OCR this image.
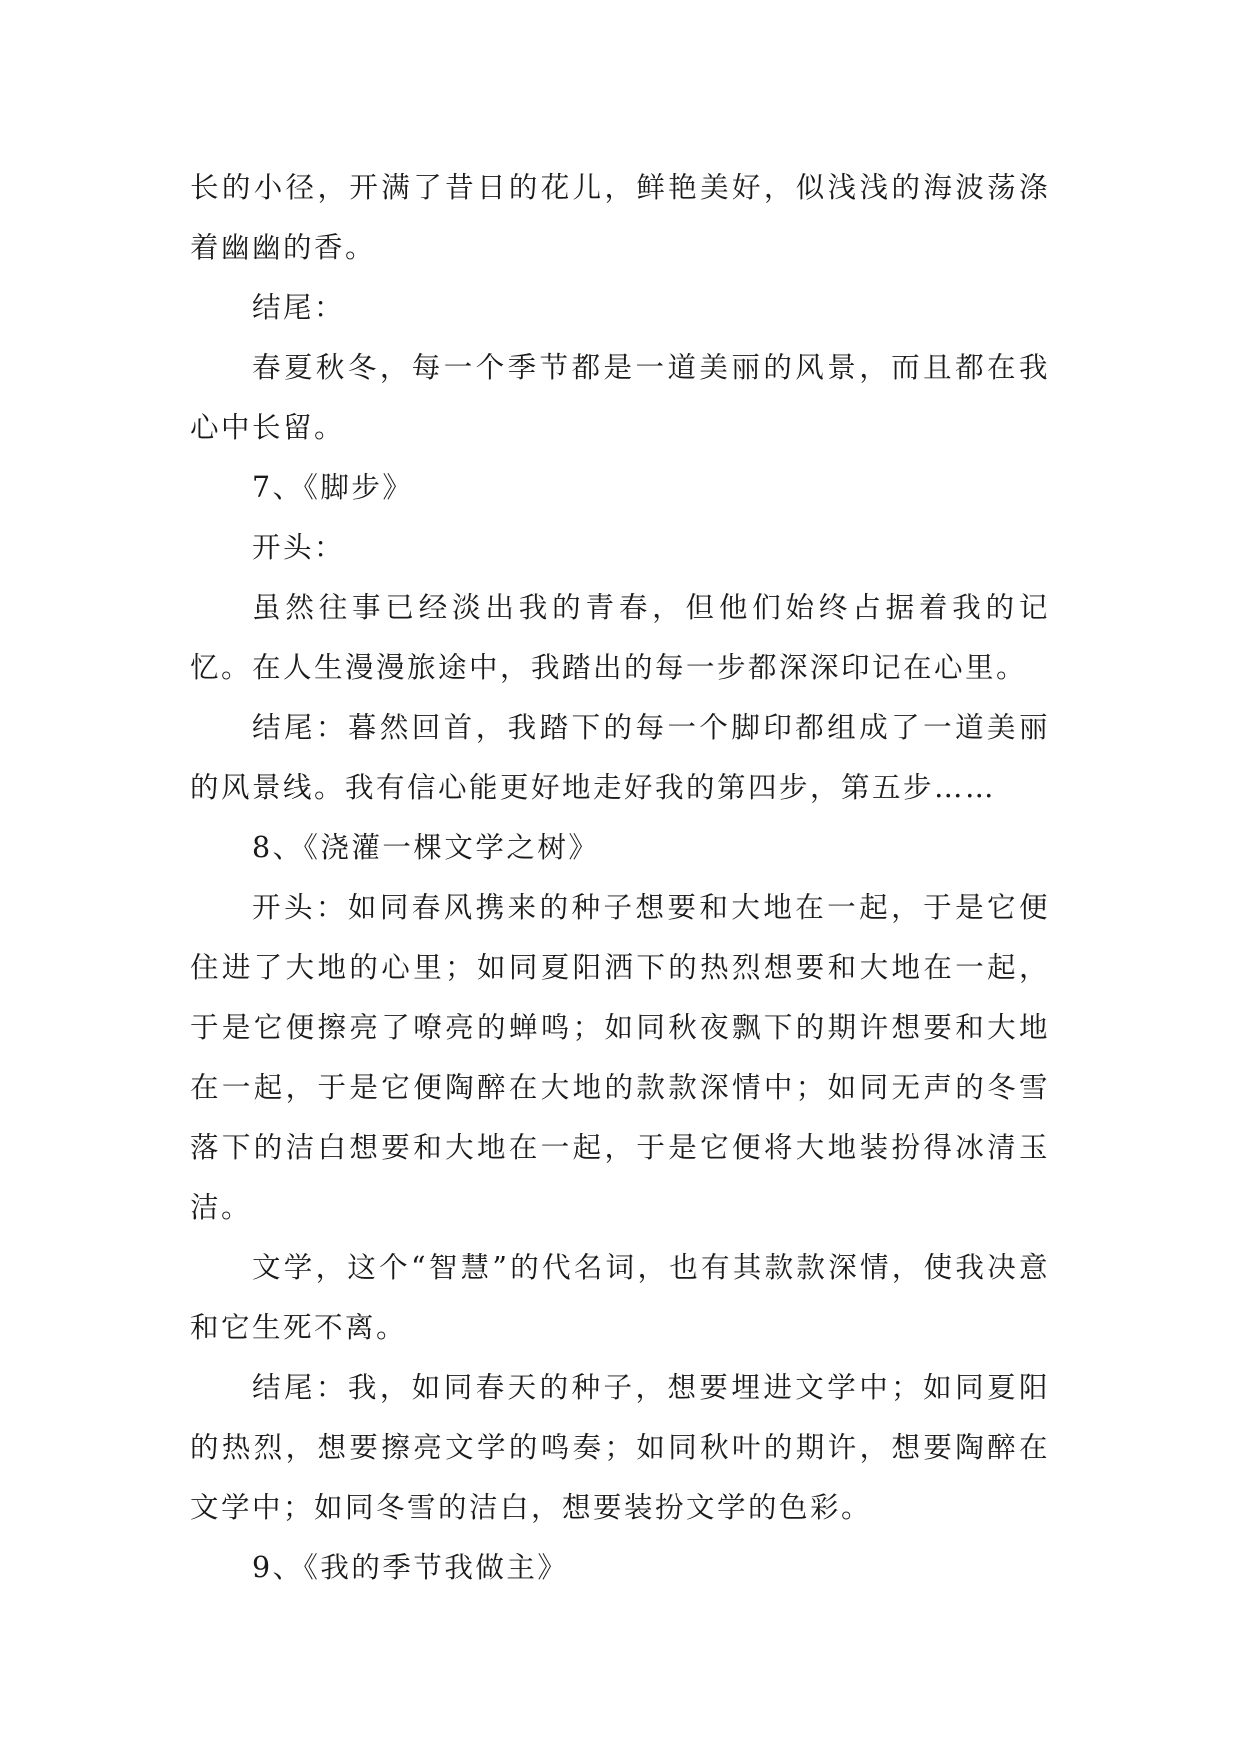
长的小径，开满了昔日的花儿，鲜艳美好，似浅浅的海波荡涤着幽幽的香。

结尾：

春夏秋冬，每一个季节都是一道美丽的风景，而且都在我心中长留。

7、《脚步》

开头：

虽然往事已经淡出我的青春，但他们始终占据着我的记忆。在人生漫漫旅途中，我踏出的每一步都深深印记在心里。

结尾：暮然回首，我踏下的每一个脚印都组成了一道美丽的风景线。我有信心能更好地走好我的第四步，第五步……

8、《浇灌一棵文学之树》

开头：如同春风携来的种子想要和大地在一起，于是它便住进了大地的心里；如同夏阳洒下的热烈想要和大地在一起，于是它便擦亮了嘹亮的蝉鸣；如同秋夜飘下的期许想要和大地在一起，于是它便陶醉在大地的款款深情中；如同无声的冬雪落下的洁白想要和大地在一起，于是它便将大地装扮得冰清玉洁。

文学，这个“智慧”的代名词，也有其款款深情，使我决意和它生死不离。

结尾：我，如同春天的种子，想要埋进文学中；如同夏阳的热烈，想要擦亮文学的鸣奏；如同秋叶的期许，想要陶醉在文学中；如同冬雪的洁白，想要装扮文学的色彩。

9、《我的季节我做主》
